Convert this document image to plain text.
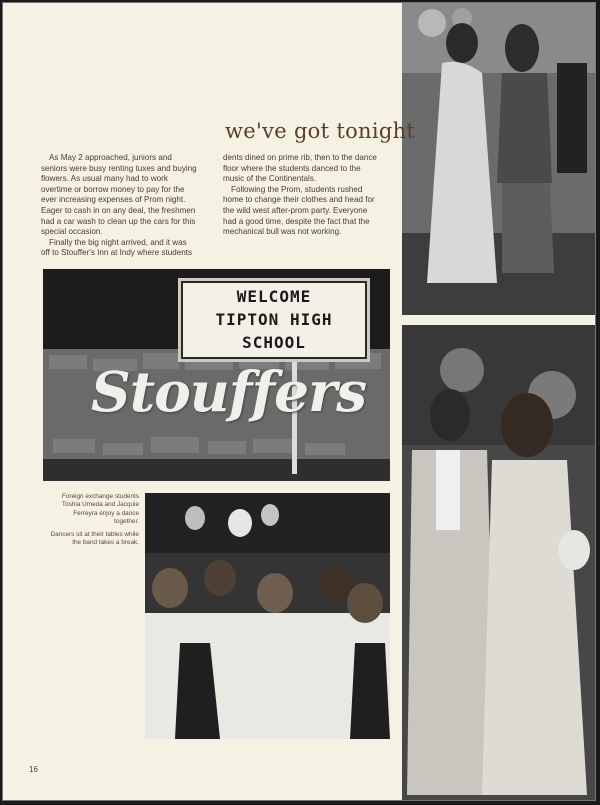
we've got tonight

As May 2 approached, juniors and seniors were busy renting tuxes and buying flowers. As usual many had to work overtime or borrow money to pay for the ever increasing expenses of Prom night. Eager to cash in on any deal, the freshmen had a car wash to clean up the cars for this special occasion.

Finally the big night arrived, and it was off to Stouffer's Inn at Indy where students

dents dined on prime rib, then to the dance floor where the students danced to the music of the Continentals.

Following the Prom, students rushed home to change their clothes and head for the wild west after-prom party. Everyone had a good time, despite the fact that the mechanical bull was not working.

WELCOME
TIPTON HIGH
SCHOOL
Stouffers
Foreign exchange students Toshia Umeda and Jacquie Ferreyra enjoy a dance together.
Dancers sit at their tables while the band takes a break.
16
